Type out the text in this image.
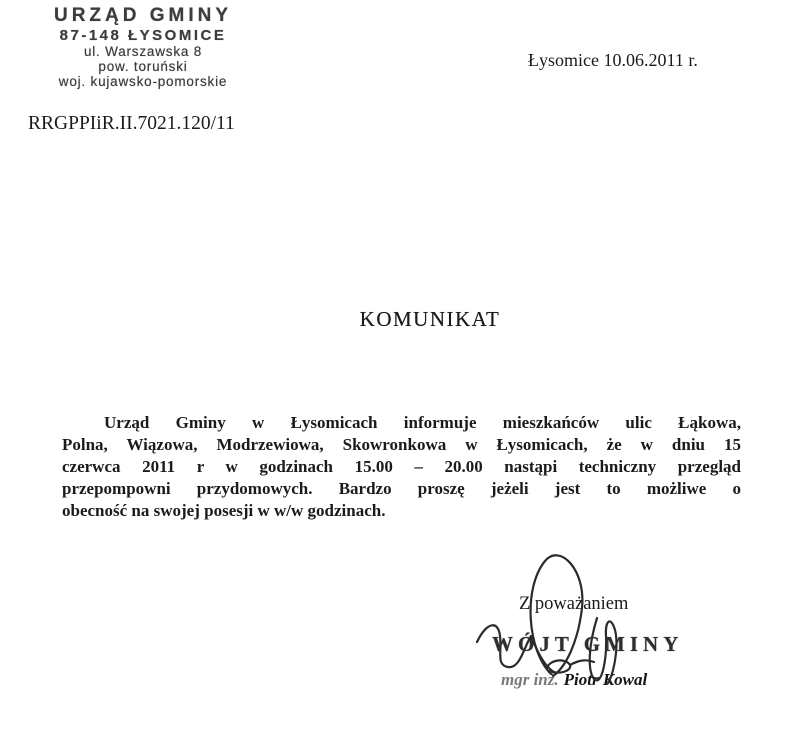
URZĄD GMINY
87-148 ŁYSOMICE
ul. Warszawska 8
pow. toruński
woj. kujawsko-pomorskie
Łysomice 10.06.2011 r.
RRGPPIiR.II.7021.120/11
KOMUNIKAT
Urząd Gminy w Łysomicach informuje mieszkańców ulic Łąkowa,
Polna, Wiązowa, Modrzewiowa, Skowronkowa w Łysomicach, że w dniu 15
czerwca 2011 r w godzinach 15.00 – 20.00 nastąpi techniczny przegląd
przepompowni przydomowych. Bardzo proszę jeżeli jest to możliwe o
obecność na swojej posesji w w/w godzinach.
Z poważaniem
WÓJT GMINY
mgr inż. Piotr Kowal
